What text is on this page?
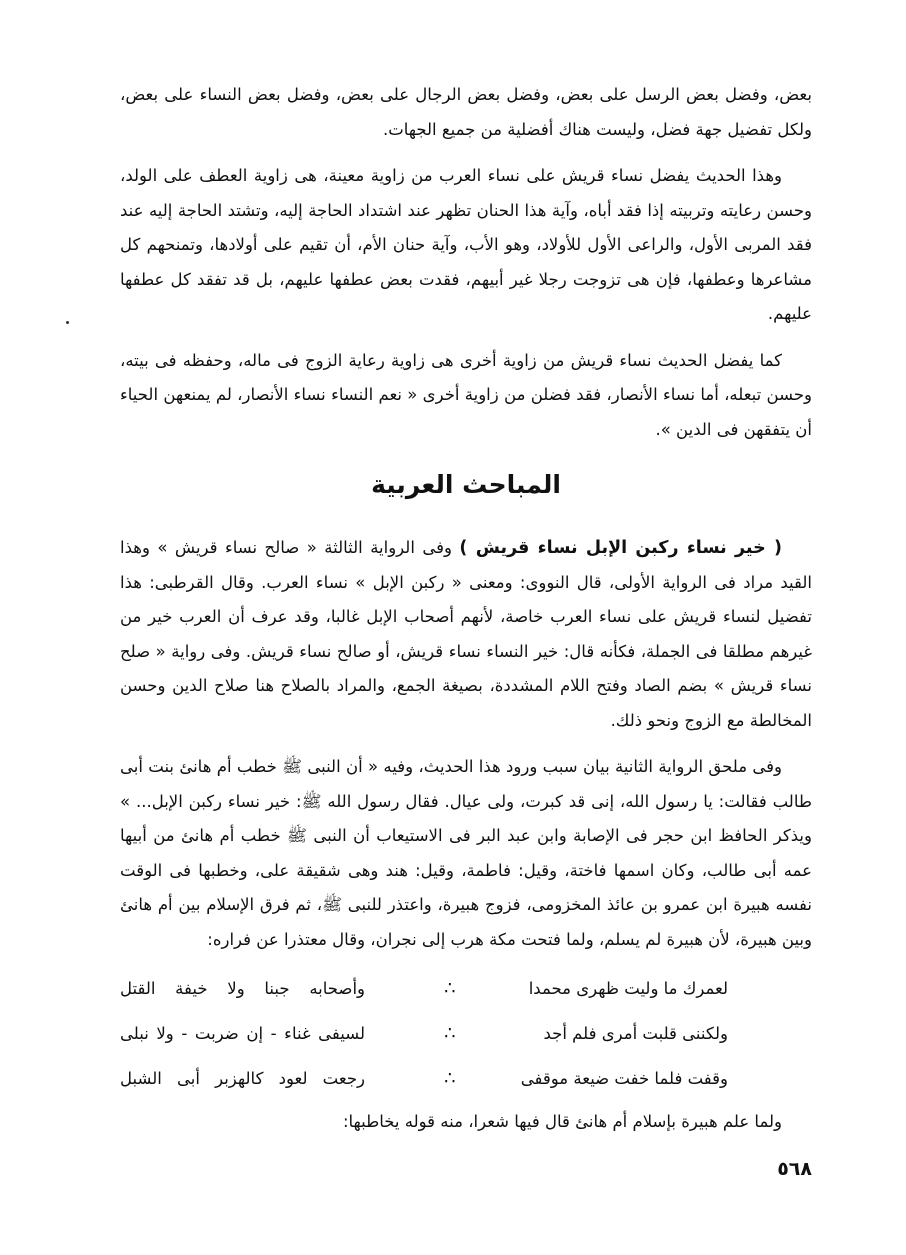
بعض، وفضل بعض الرسل على بعض، وفضل بعض الرجال على بعض، وفضل بعض النساء على بعض، ولكل تفضيل جهة فضل، وليست هناك أفضلية من جميع الجهات.

وهذا الحديث يفضل نساء قريش على نساء العرب من زاوية معينة، هى زاوية العطف على الولد، وحسن رعايته وتربيته إذا فقد أباه، وآية هذا الحنان تظهر عند اشتداد الحاجة إليه، وتشتد الحاجة إليه عند فقد المربى الأول، والراعى الأول للأولاد، وهو الأب، وآية حنان الأم، أن تقيم على أولادها، وتمنحهم كل مشاعرها وعطفها، فإن هى تزوجت رجلا غير أبيهم، فقدت بعض عطفها عليهم، بل قد تفقد كل عطفها عليهم.

كما يفضل الحديث نساء قريش من زاوية أخرى هى زاوية رعاية الزوج فى ماله، وحفظه فى بيته، وحسن تبعله، أما نساء الأنصار، فقد فضلن من زاوية أخرى « نعم النساء نساء الأنصار، لم يمنعهن الحياء أن يتفقهن فى الدين ».

المباحث العربية

( خير نساء ركبن الإبل نساء قريش ) وفى الرواية الثالثة « صالح نساء قريش » وهذا القيد مراد فى الرواية الأولى، قال النووى: ومعنى « ركبن الإبل » نساء العرب. وقال القرطبى: هذا تفضيل لنساء قريش على نساء العرب خاصة، لأنهم أصحاب الإبل غالبا، وقد عرف أن العرب خير من غيرهم مطلقا فى الجملة، فكأنه قال: خير النساء نساء قريش، أو صالح نساء قريش. وفى رواية « صلح نساء قريش » بضم الصاد وفتح اللام المشددة، بصيغة الجمع، والمراد بالصلاح هنا صلاح الدين وحسن المخالطة مع الزوج ونحو ذلك.

وفى ملحق الرواية الثانية بيان سبب ورود هذا الحديث، وفيه « أن النبى ﷺ خطب أم هانئ بنت أبى طالب فقالت: يا رسول الله، إنى قد كبرت، ولى عيال. فقال رسول الله ﷺ: خير نساء ركبن الإبل... » ويذكر الحافظ ابن حجر فى الإصابة وابن عبد البر فى الاستيعاب أن النبى ﷺ خطب أم هانئ من أبيها عمه أبى طالب، وكان اسمها فاختة، وقيل: فاطمة، وقيل: هند وهى شقيقة على، وخطبها فى الوقت نفسه هبيرة ابن عمرو بن عائذ المخزومى، فزوج هبيرة، واعتذر للنبى ﷺ، ثم فرق الإسلام بين أم هانئ وبين هبيرة، لأن هبيرة لم يسلم، ولما فتحت مكة هرب إلى نجران، وقال معتذرا عن فراره:

لعمرك ما وليت ظهرى محمدا
∴
وأصحابه جبنا ولا خيفة القتل
ولكننى قلبت أمرى فلم أجد
∴
لسيفى غناء - إن ضربت - ولا نبلى
وقفت فلما خفت ضيعة موقفى
∴
رجعت لعود كالهزبر أبى الشبل

ولما علم هبيرة بإسلام أم هانئ قال فيها شعرا، منه قوله يخاطبها:

٥٦٨
